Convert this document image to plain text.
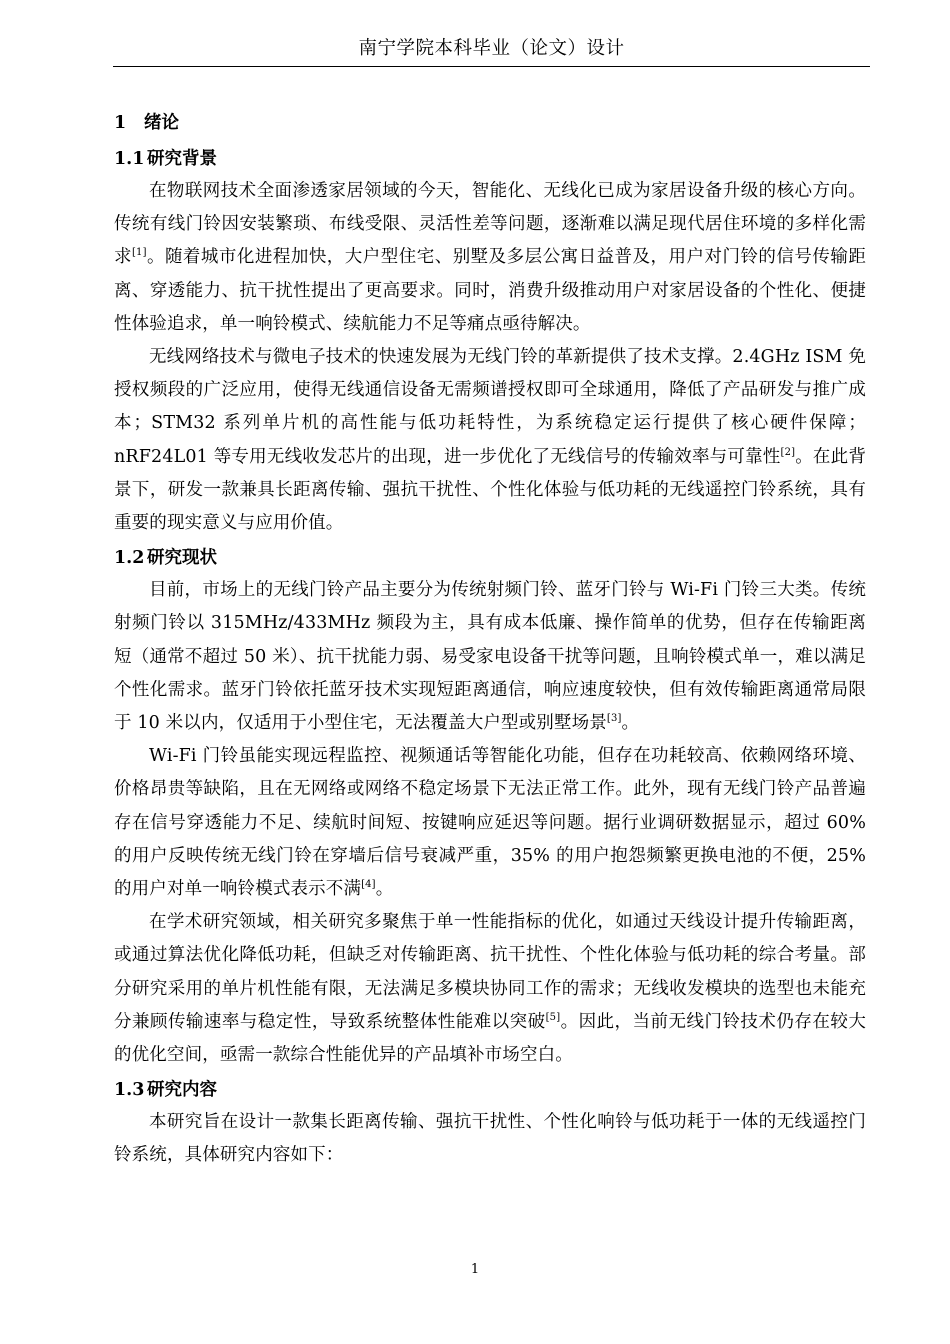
南宁学院本科毕业（论文）设计
1 绪论
1.1 研究背景

在物联网技术全面渗透家居领域的今天，智能化、无线化已成为家居设备升级的核心方向。传统有线门铃因安装繁琐、布线受限、灵活性差等问题，逐渐难以满足现代居住环境的多样化需求[1]。随着城市化进程加快，大户型住宅、别墅及多层公寓日益普及，用户对门铃的信号传输距离、穿透能力、抗干扰性提出了更高要求。同时，消费升级推动用户对家居设备的个性化、便捷性体验追求，单一响铃模式、续航能力不足等痛点亟待解决。

无线网络技术与微电子技术的快速发展为无线门铃的革新提供了技术支撑。2.4GHz ISM 免授权频段的广泛应用，使得无线通信设备无需频谱授权即可全球通用，降低了产品研发与推广成本；STM32 系列单片机的高性能与低功耗特性，为系统稳定运行提供了核心硬件保障；nRF24L01 等专用无线收发芯片的出现，进一步优化了无线信号的传输效率与可靠性[2]。在此背景下，研发一款兼具长距离传输、强抗干扰性、个性化体验与低功耗的无线遥控门铃系统，具有重要的现实意义与应用价值。

1.2 研究现状

目前，市场上的无线门铃产品主要分为传统射频门铃、蓝牙门铃与 Wi-Fi 门铃三大类。传统射频门铃以 315MHz/433MHz 频段为主，具有成本低廉、操作简单的优势，但存在传输距离短（通常不超过 50 米）、抗干扰能力弱、易受家电设备干扰等问题，且响铃模式单一，难以满足个性化需求。蓝牙门铃依托蓝牙技术实现短距离通信，响应速度较快，但有效传输距离通常局限于 10 米以内，仅适用于小型住宅，无法覆盖大户型或别墅场景[3]。

Wi-Fi 门铃虽能实现远程监控、视频通话等智能化功能，但存在功耗较高、依赖网络环境、价格昂贵等缺陷，且在无网络或网络不稳定场景下无法正常工作。此外，现有无线门铃产品普遍存在信号穿透能力不足、续航时间短、按键响应延迟等问题。据行业调研数据显示，超过 60% 的用户反映传统无线门铃在穿墙后信号衰减严重，35% 的用户抱怨频繁更换电池的不便，25% 的用户对单一响铃模式表示不满[4]。

在学术研究领域，相关研究多聚焦于单一性能指标的优化，如通过天线设计提升传输距离，或通过算法优化降低功耗，但缺乏对传输距离、抗干扰性、个性化体验与低功耗的综合考量。部分研究采用的单片机性能有限，无法满足多模块协同工作的需求；无线收发模块的选型也未能充分兼顾传输速率与稳定性，导致系统整体性能难以突破[5]。因此，当前无线门铃技术仍存在较大的优化空间，亟需一款综合性能优异的产品填补市场空白。

1.3 研究内容

本研究旨在设计一款集长距离传输、强抗干扰性、个性化响铃与低功耗于一体的无线遥控门铃系统，具体研究内容如下：

1
